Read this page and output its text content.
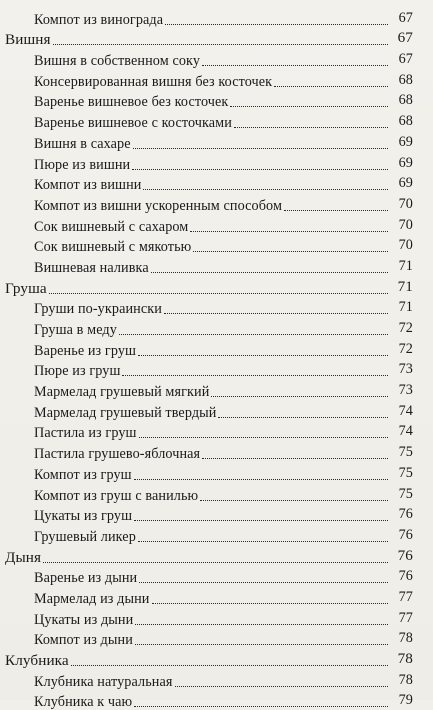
Компот из винограда	67
Вишня	67
Вишня в собственном соку	67
Консервированная вишня без косточек	68
Варенье вишневое без косточек	68
Варенье вишневое с косточками	68
Вишня в сахаре	69
Пюре из вишни	69
Компот из вишни	69
Компот из вишни ускоренным способом	70
Сок вишневый с сахаром	70
Сок вишневый с мякотью	70
Вишневая наливка	71
Груша	71
Груши по-украински	71
Груша в меду	72
Варенье из груш	72
Пюре из груш	73
Мармелад грушевый мягкий	73
Мармелад грушевый твердый	74
Пастила из груш	74
Пастила грушево-яблочная	75
Компот из груш	75
Компот из груш с ванилью	75
Цукаты из груш	76
Грушевый ликер	76
Дыня	76
Варенье из дыни	76
Мармелад из дыни	77
Цукаты из дыни	77
Компот из дыни	78
Клубника	78
Клубника натуральная	78
Клубника к чаю	79
